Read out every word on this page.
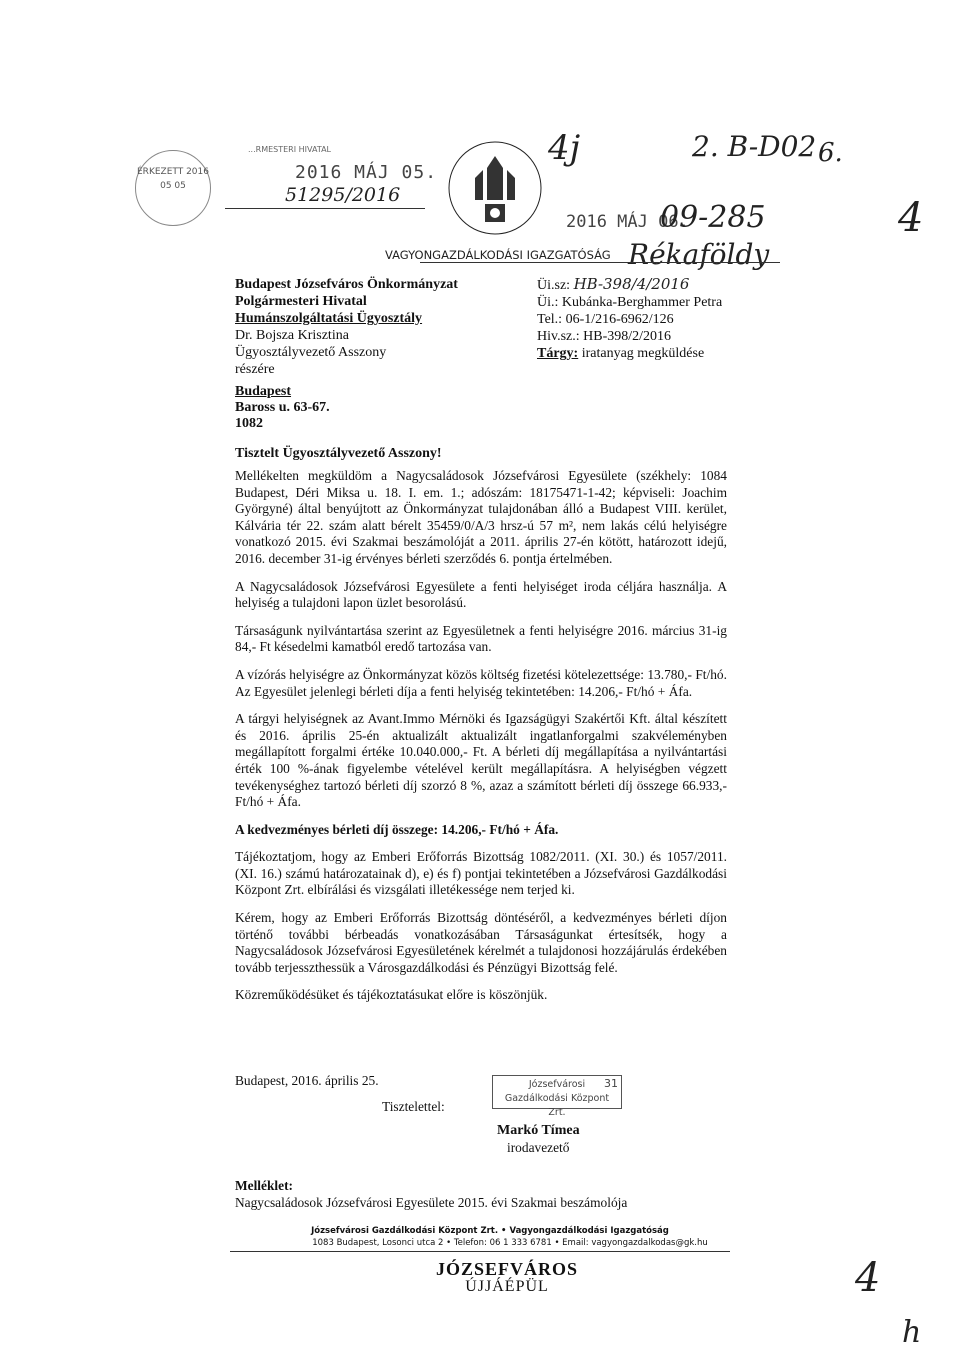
ÉRKEZETT 2016 05 05
...RMESTERI HIVATAL
2016 MÁJ 05.
51295/2016
VAGYONGAZDÁLKODÁSI IGAZGATÓSÁG
4j	2. B-D02 6.
2016 MÁJ 06.
09-285	4
Rékaföldy
Budapest Józsefváros Önkormányzat
Polgármesteri Hivatal
Humánszolgáltatási Ügyosztály
Dr. Bojsza Krisztina
Ügyosztályvezető Asszony
részére
Üi.sz: HB-398/4/2016
Üi.: Kubánka-Berghammer Petra
Tel.: 06-1/216-6962/126
Hiv.sz.: HB-398/2/2016
Tárgy: iratanyag megküldése
Budapest
Baross u. 63-67.
1082
Tisztelt Ügyosztályvezető Asszony!

Mellékelten megküldöm a Nagycsaládosok Józsefvárosi Egyesülete (székhely: 1084 Budapest, Déri Miksa u. 18. I. em. 1.; adószám: 18175471-1-42; képviseli: Joachim Györgyné) által benyújtott az Önkormányzat tulajdonában álló a Budapest VIII. kerület, Kálvária tér 22. szám alatt bérelt 35459/0/A/3 hrsz-ú 57 m², nem lakás célú helyiségre vonatkozó 2015. évi Szakmai beszámolóját a 2011. április 27-én kötött, határozott idejű, 2016. december 31-ig érvényes bérleti szerződés 6. pontja értelmében.

A Nagycsaládosok Józsefvárosi Egyesülete a fenti helyiséget iroda céljára használja. A helyiség a tulajdoni lapon üzlet besorolású.

Társaságunk nyilvántartása szerint az Egyesületnek a fenti helyiségre 2016. március 31-ig 84,- Ft késedelmi kamatból eredő tartozása van.

A vízórás helyiségre az Önkormányzat közös költség fizetési kötelezettsége: 13.780,- Ft/hó.

Az Egyesület jelenlegi bérleti díja a fenti helyiség tekintetében: 14.206,- Ft/hó + Áfa.

A tárgyi helyiségnek az Avant.Immo Mérnöki és Igazságügyi Szakértői Kft. által készített és 2016. április 25-én aktualizált aktualizált ingatlanforgalmi szakvéleményben megállapított forgalmi értéke 10.040.000,- Ft. A bérleti díj megállapítása a nyilvántartási érték 100 %-ának figyelembe vételével került megállapításra. A helyiségben végzett tevékenységhez tartozó bérleti díj szorzó 8 %, azaz a számított bérleti díj összege 66.933,- Ft/hó + Áfa.

A kedvezményes bérleti díj összege: 14.206,- Ft/hó + Áfa.

Tájékoztatjom, hogy az Emberi Erőforrás Bizottság 1082/2011. (XI. 30.) és 1057/2011. (XI. 16.) számú határozatainak d), e) és f) pontjai tekintetében a Józsefvárosi Gazdálkodási Központ Zrt. elbírálási és vizsgálati illetékessége nem terjed ki.

Kérem, hogy az Emberi Erőforrás Bizottság döntéséről, a kedvezményes bérleti díjon történő további bérbeadás vonatkozásában Társaságunkat értesítsék, hogy a Nagycsaládosok Józsefvárosi Egyesületének kérelmét a tulajdonosi hozzájárulás érdekében tovább terjesszthessük a Városgazdálkodási és Pénzügyi Bizottság felé.

Közreműködésüket és tájékoztatásukat előre is köszönjük.

Budapest, 2016. április 25.
Tisztelettel:
Józsefvárosi
Gazdálkodási Központ Zrt.
31
Markó Tímea
irodavezető
Melléklet:
Nagycsaládosok Józsefvárosi Egyesülete 2015. évi Szakmai beszámolója
Józsefvárosi Gazdálkodási Központ Zrt. • Vagyongazdálkodási Igazgatóság
1083 Budapest, Losonci utca 2 • Telefon: 06 1 333 6781 • Email: vagyongazdalkodas@gk.hu
JÓZSEFVÁROS
ÚJJÁÉPÜL	4
h
